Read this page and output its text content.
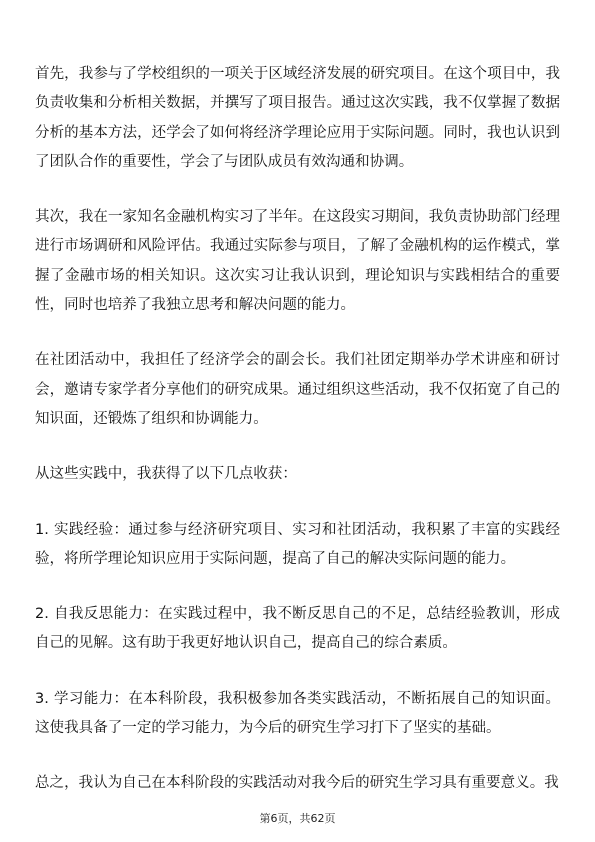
首先，我参与了学校组织的一项关于区域经济发展的研究项目。在这个项目中，我负责收集和分析相关数据，并撰写了项目报告。通过这次实践，我不仅掌握了数据分析的基本方法，还学会了如何将经济学理论应用于实际问题。同时，我也认识到了团队合作的重要性，学会了与团队成员有效沟通和协调。

其次，我在一家知名金融机构实习了半年。在这段实习期间，我负责协助部门经理进行市场调研和风险评估。我通过实际参与项目，了解了金融机构的运作模式，掌握了金融市场的相关知识。这次实习让我认识到，理论知识与实践相结合的重要性，同时也培养了我独立思考和解决问题的能力。

在社团活动中，我担任了经济学会的副会长。我们社团定期举办学术讲座和研讨会，邀请专家学者分享他们的研究成果。通过组织这些活动，我不仅拓宽了自己的知识面，还锻炼了组织和协调能力。

从这些实践中，我获得了以下几点收获：

1. 实践经验：通过参与经济研究项目、实习和社团活动，我积累了丰富的实践经验，将所学理论知识应用于实际问题，提高了自己的解决实际问题的能力。

2. 自我反思能力：在实践过程中，我不断反思自己的不足，总结经验教训，形成自己的见解。这有助于我更好地认识自己，提高自己的综合素质。

3. 学习能力：在本科阶段，我积极参加各类实践活动，不断拓展自己的知识面。这使我具备了一定的学习能力，为今后的研究生学习打下了坚实的基础。

总之，我认为自己在本科阶段的实践活动对我今后的研究生学习具有重要意义。我

第6页，共62页
